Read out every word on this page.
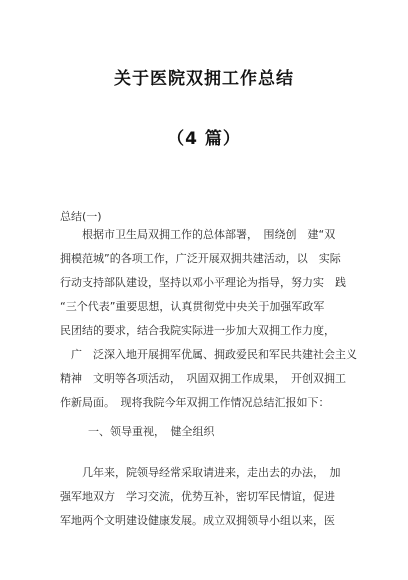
关于医院双拥工作总结
（4 篇）
总结(一)
　　根据市卫生局双拥工作的总体部署，　围绕创　建“双
拥模范城”的各项工作，广泛开展双拥共建活动，以　实际
行动支持部队建设，坚持以邓小平理论为指导，努力实　践
“三个代表”重要思想，认真贯彻党中央关于加强军政军
民团结的要求，结合我院实际进一步加大双拥工作力度，
　广　泛深入地开展拥军优属、拥政爱民和军民共建社会主义
精神　文明等各项活动，　巩固双拥工作成果，　开创双拥工
作新局面。　现将我院今年双拥工作情况总结汇报如下：
一、领导重视，　健全组织
　　几年来，院领导经常采取请进来，走出去的办法，　加
强军地双方　学习交流，优势互补，密切军民情谊，促进
军地两个文明建设健康发展。成立双拥领导小组以来，医
